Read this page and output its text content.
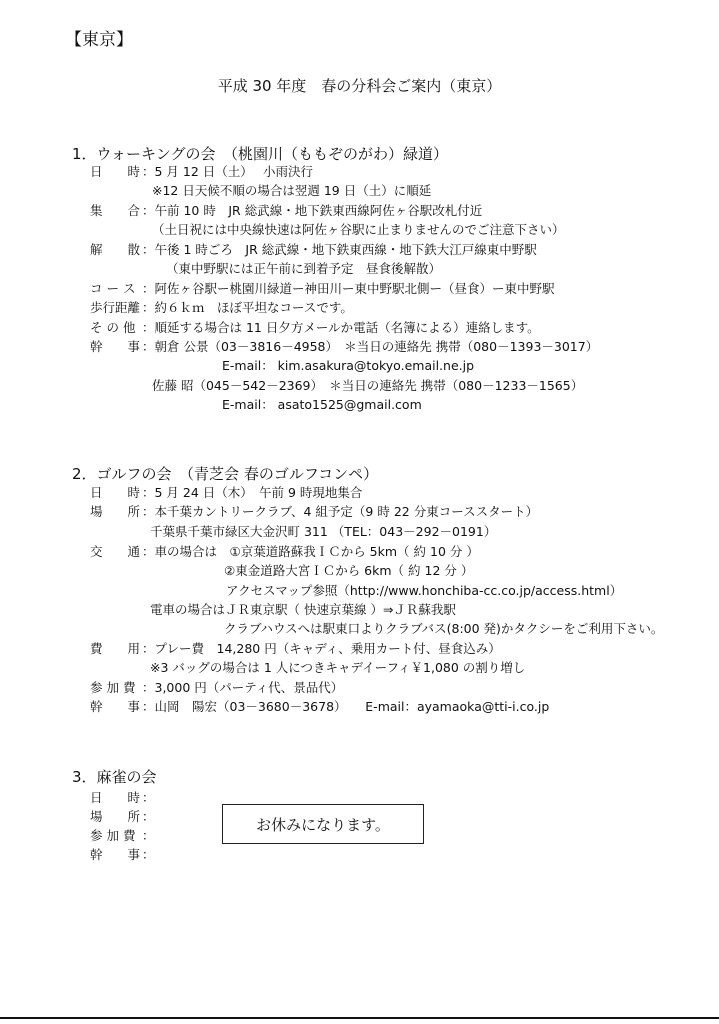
【東京】
平成 30 年度　春の分科会ご案内（東京）
1．ウォーキングの会　（桃園川（ももぞのがわ）緑道）
日　　時 ：5 月 12 日（土）　 小雨決行
※12 日天候不順の場合は翌週 19 日（土）に順延
集　　合 ：午前 10 時　JR 総武線・地下鉄東西線阿佐ヶ谷駅改札付近
（土日祝には中央線快速は阿佐ヶ谷駅に止まりませんのでご注意下さい）
解　　散 ：午後 1 時ごろ　JR 総武線・地下鉄東西線・地下鉄大江戸線東中野駅
（東中野駅には正午前に到着予定　昼食後解散）
コ ー ス ：阿佐ヶ谷駅ー桃園川緑道ー神田川ー東中野駅北側ー（昼食）ー東中野駅
歩行距離 ：約６ｋｍ　ほぼ平坦なコースです。
そ の 他 ：順延する場合は 11 日夕方メールか電話（名簿による）連絡します。
幹　　事 ：朝倉 公景（03－3816－4958）　＊当日の連絡先 携帯（080－1393－3017）
E-mail： kim.asakura@tokyo.email.ne.jp
佐藤 昭（045－542－2369）　＊当日の連絡先 携帯（080－1233－1565）
E-mail： asato1525@gmail.com
2．ゴルフの会　（青芝会 春のゴルフコンペ）
日　　時 ：5 月 24 日（木）　午前 9 時現地集合
場　　所 ：本千葉カントリークラブ、4 組予定（9 時 22 分東コーススタート）
千葉県千葉市緑区大金沢町 311 （TEL：043－292－0191）
交　　通 ：車の場合は　①京葉道路蘇我ＩＣから 5km（ 約 10 分 ）
②東金道路大宮ＩＣから 6km（ 約 12 分 ）
アクセスマップ参照（http://www.honchiba-cc.co.jp/access.html）
電車の場合はＪＲ東京駅（ 快速京葉線 ）⇒ＪＲ蘇我駅
クラブハウスへは駅東口よりクラブバス(8:00 発)かタクシーをご利用下さい。
費　　用 ：プレー費　14,280 円（キャディ、乗用カート付、昼食込み）
※3 バッグの場合は 1 人につきキャデイーフィ￥1,080 の割り増し
参 加 費 ：3,000 円（パーティ代、景品代）
幹　　事 ：山岡　陽宏（03－3680－3678）　　E-mail：ayamaoka@tti-i.co.jp
3．麻雀の会
日　　時 ：
場　　所 ：
参 加 費 ：
幹　　事 ：
お休みになります。
